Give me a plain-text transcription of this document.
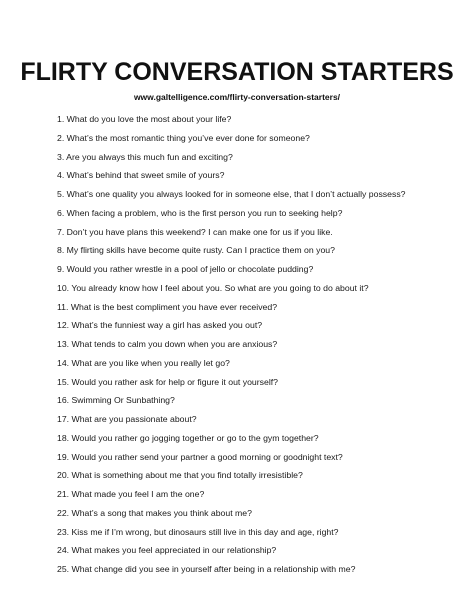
FLIRTY CONVERSATION STARTERS
www.galtelligence.com/flirty-conversation-starters/
1. What do you love the most about your life?
2. What’s the most romantic thing you’ve ever done for someone?
3. Are you always this much fun and exciting?
4. What’s behind that sweet smile of yours?
5. What’s one quality you always looked for in someone else, that I don’t actually possess?
6. When facing a problem, who is the first person you run to seeking help?
7. Don’t you have plans this weekend? I can make one for us if you like.
8. My flirting skills have become quite rusty. Can I practice them on you?
9. Would you rather wrestle in a pool of jello or chocolate pudding?
10. You already know how I feel about you. So what are you going to do about it?
11. What is the best compliment you have ever received?
12. What’s the funniest way a girl has asked you out?
13. What tends to calm you down when you are anxious?
14. What are you like when you really let go?
15. Would you rather ask for help or figure it out yourself?
16. Swimming Or Sunbathing?
17. What are you passionate about?
18. Would you rather go jogging together or go to the gym together?
19. Would you rather send your partner a good morning or goodnight text?
20. What is something about me that you find totally irresistible?
21. What made you feel I am the one?
22. What’s a song that makes you think about me?
23. Kiss me if I’m wrong, but dinosaurs still live in this day and age, right?
24. What makes you feel appreciated in our relationship?
25. What change did you see in yourself after being in a relationship with me?
